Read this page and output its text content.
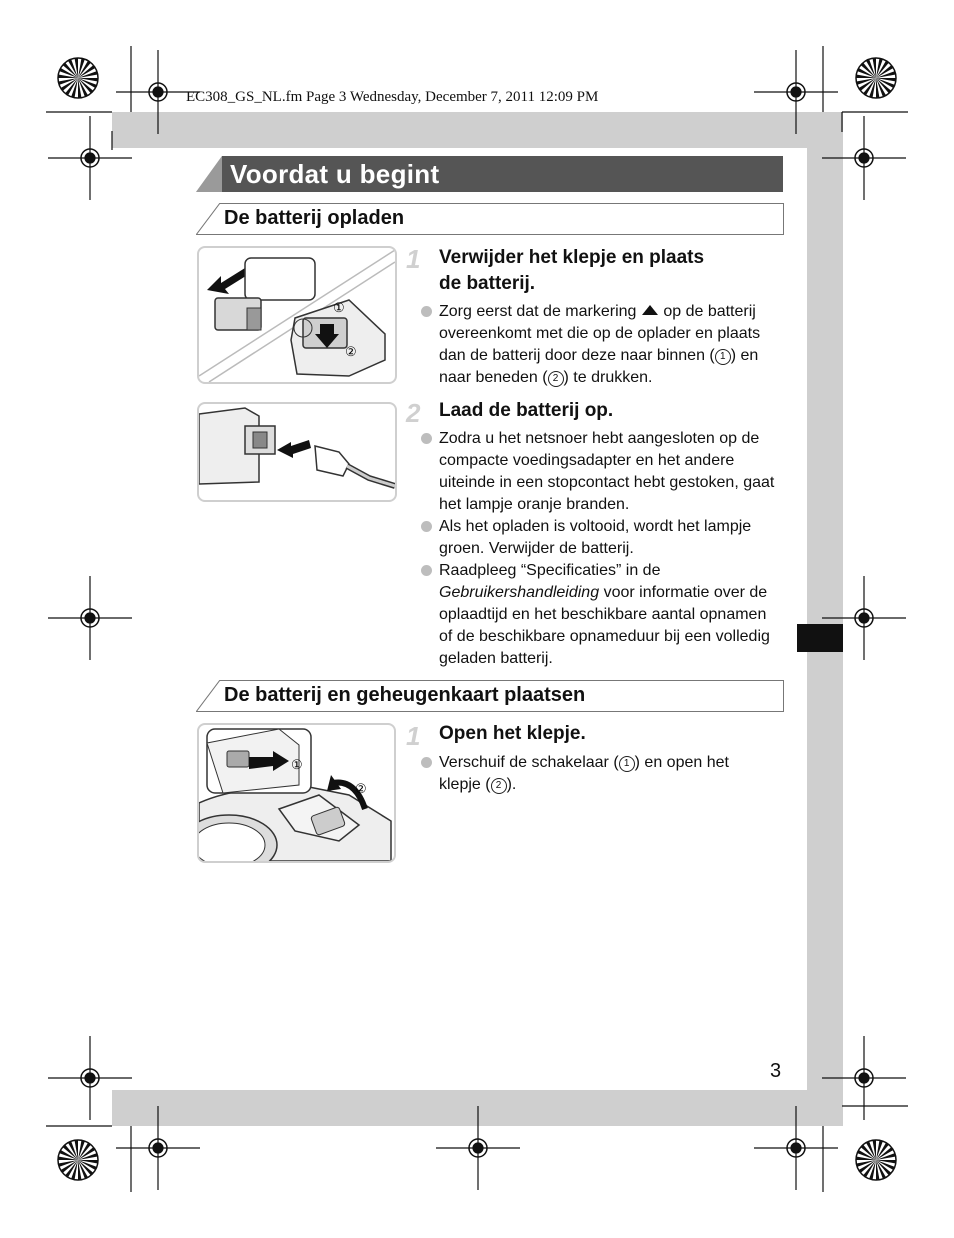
EC308_GS_NL.fm Page 3 Wednesday, December 7, 2011 12:09 PM
Voordat u begint
De batterij opladen
①
②
1 Verwijder het klepje en plaats
de batterij.
Zorg eerst dat de markering op de batterij
overeenkomt met die op de oplader en plaats
dan de batterij door deze naar binnen ( 1 ) en
naar beneden ( 2 ) te drukken.
2 Laad de batterij op.
Zodra u het netsnoer hebt aangesloten op de compacte voedingsadapter en het andere uiteinde in een stopcontact hebt gestoken, gaat het lampje oranje branden.
Als het opladen is voltooid, wordt het lampje groen. Verwijder de batterij.
Raadpleeg “Specificaties” in de Gebruikershandleiding voor informatie over de oplaadtijd en het beschikbare aantal opnamen of de beschikbare opnameduur bij een volledig geladen batterij.
De batterij en geheugenkaart plaatsen
①
②
1 Open het klepje.
Verschuif de schakelaar ( 1 ) en open het
klepje ( 2 ).
3
